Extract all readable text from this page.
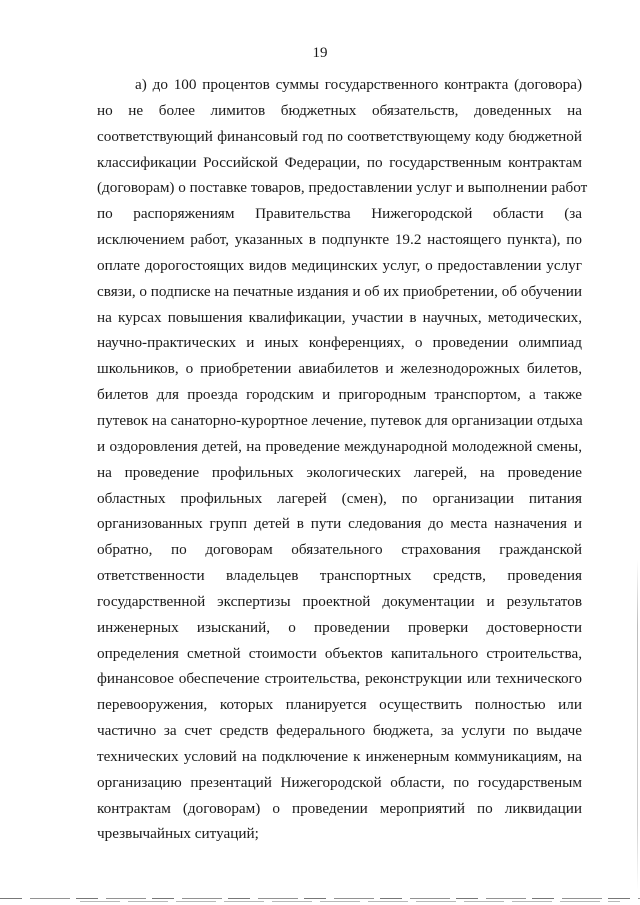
19
а) до 100 процентов суммы государственного контракта (договора)
но не более лимитов бюджетных обязательств, доведенных на
соответствующий финансовый год по соответствующему коду бюджетной
классификации Российской Федерации, по государственным контрактам
(договорам) о поставке товаров, предоставлении услуг и выполнении работ
по распоряжениям Правительства Нижегородской области (за
исключением работ, указанных в подпункте 19.2 настоящего пункта), по
оплате дорогостоящих видов медицинских услуг, о предоставлении услуг
связи, о подписке на печатные издания и об их приобретении, об обучении
на курсах повышения квалификации, участии в научных, методических,
научно-практических и иных конференциях, о проведении олимпиад
школьников, о приобретении авиабилетов и железнодорожных билетов,
билетов для проезда городским и пригородным транспортом, а также
путевок на санаторно-курортное лечение, путевок для организации отдыха
и оздоровления детей, на проведение международной молодежной смены,
на проведение профильных экологических лагерей, на проведение
областных профильных лагерей (смен), по организации питания
организованных групп детей в пути следования до места назначения и
обратно, по договорам обязательного страхования гражданской
ответственности владельцев транспортных средств, проведения
государственной экспертизы проектной документации и результатов
инженерных изысканий, о проведении проверки достоверности
определения сметной стоимости объектов капитального строительства,
финансовое обеспечение строительства, реконструкции или технического
перевооружения, которых планируется осуществить полностью или
частично за счет средств федерального бюджета, за услуги по выдаче
технических условий на подключение к инженерным коммуникациям, на
организацию презентаций Нижегородской области, по государственым
контрактам (договорам) о проведении мероприятий по ликвидации
чрезвычайных ситуаций;
